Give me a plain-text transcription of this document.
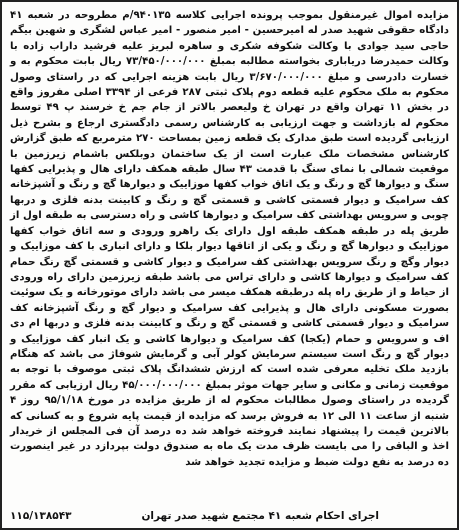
مزایده اموال غیرمنقول بموجب پرونده اجرایی کلاسه ۹۴۰۱۳۵/م مطروحه در شعبه ۴۱ دادگاه حقوقی شهید صدر له امیرحسین - امیر منصور - امیر عباس لشگری و شهین بیگم حاجی سید جوادی با وکالت شکوفه شکری و ساهره لبریز علیه فرشید داراب زاده با وکالت حمیدرضا دریاباری بخواسته مطالبه بمبلغ ۷۳/۴۵۰/۰۰۰/۰۰۰ ریال بابت محکوم به و خسارت دادرسی و مبلغ ۳/۶۷۰/۰۰۰/۰۰۰ ریال بابت هزینه اجرایی که در راستای وصول محکوم به ملک محکوم علیه قطعه دوم پلاک ثبتی ۲۸۷ فرعی از ۳۳۹۴ اصلی مفروز واقع در بخش ۱۱ تهران واقع در تهران خ ولیعصر بالاتر از جام جم خ خرسند پ ۴۹ توسط محکوم له بازداشت و جهت ارزیابی به کارشناس رسمی دادگستری ارجاع و بشرح ذیل ارزیابی گردیده است طبق مدارک یک قطعه زمین بمساحت ۲۷۰ مترمربع که طبق گزارش کارشناس مشخصات ملک عبارت است از یک ساختمان دوبلکس باشمام زیرزمین با موقعیت شمالی با نمای سنگ با قدمت ۴۳ سال طبقه همکف دارای هال و پذیرایی کفها سنگ و دیوارها گچ و رنگ و یک اتاق خواب کفها موزاییک و دیوارها گچ و رنگ و آشپزخانه کف سرامیک و دیوار قسمتی کاشی و قسمتی گچ و رنگ و کابینت بدنه فلزی و دربها چوبی و سرویس بهداشتی کف سرامیک و دیوارها کاشی و راه دسترسی به طبقه اول از طریق پله در طبقه همکف طبقه اول دارای یک راهرو ورودی و سه اتاق خواب کفها موزاییک و دیوارها گچ و رنگ و یکی از اتاقها دیوار بلکا و دارای انباری با کف موزاییک و دیوار وگچ و رنگ سرویس بهداشتی کف سرامیک و دیوار کاشی و قسمتی گچ رنگ حمام کف سرامیک و دیوارها کاشی و دارای تراس می باشد طبقه زیرزمین دارای راه ورودی از حیاط و از طریق راه پله درطبقه همکف میسر می باشد دارای موتورخانه و یک سوئیت بصورت مسکونی دارای هال و پذیرایی کف سرامیک و دیوار گچ و رنگ آشپزخانه کف سرامیک و دیوار قسمتی کاشی و قسمتی گچ و رنگ و کابینت بدنه فلزی و دربها ام دی اف و سرویس و حمام (یکجا) کف سرامیک و دیوارها کاشی و یک انبار کف موزاییک و دیوار گچ و رنگ است سیستم سرمایش کولر آبی و گرمایش شوفاژ می باشد که هنگام بازدید ملک تخلیه معرفی شده است که ارزش ششدانگ پلاک ثبتی موصوف با توجه به موقعیت زمانی و مکانی و سایر جهات موثر بمبلغ ۴۵/۰۰۰/۰۰۰/۰۰۰ ریال ارزیابی که مقرر گردیده در راستای وصول مطالبات محکوم له از طریق مزایده در مورخ ۹۵/۱/۱۸ روز ۴ شنبه از ساعت ۱۱ الی ۱۲ به فروش برسد که مزایده از قیمت پایه شروع و به کسانی که بالاترین قیمت را پیشنهاد نمایند فروخته خواهد شد ده درصد آن فی المجلس از خریدار اخذ و الباقی را می بایست ظرف مدت یک ماه به صندوق دولت بپردازد در غیر اینصورت ده درصد به نفع دولت ضبط و مزایده تجدید خواهد شد

اجرای احکام شعبه ۴۱ مجتمع شهید صدر تهران
۱۱۵/۱۳۸۵۴۳
